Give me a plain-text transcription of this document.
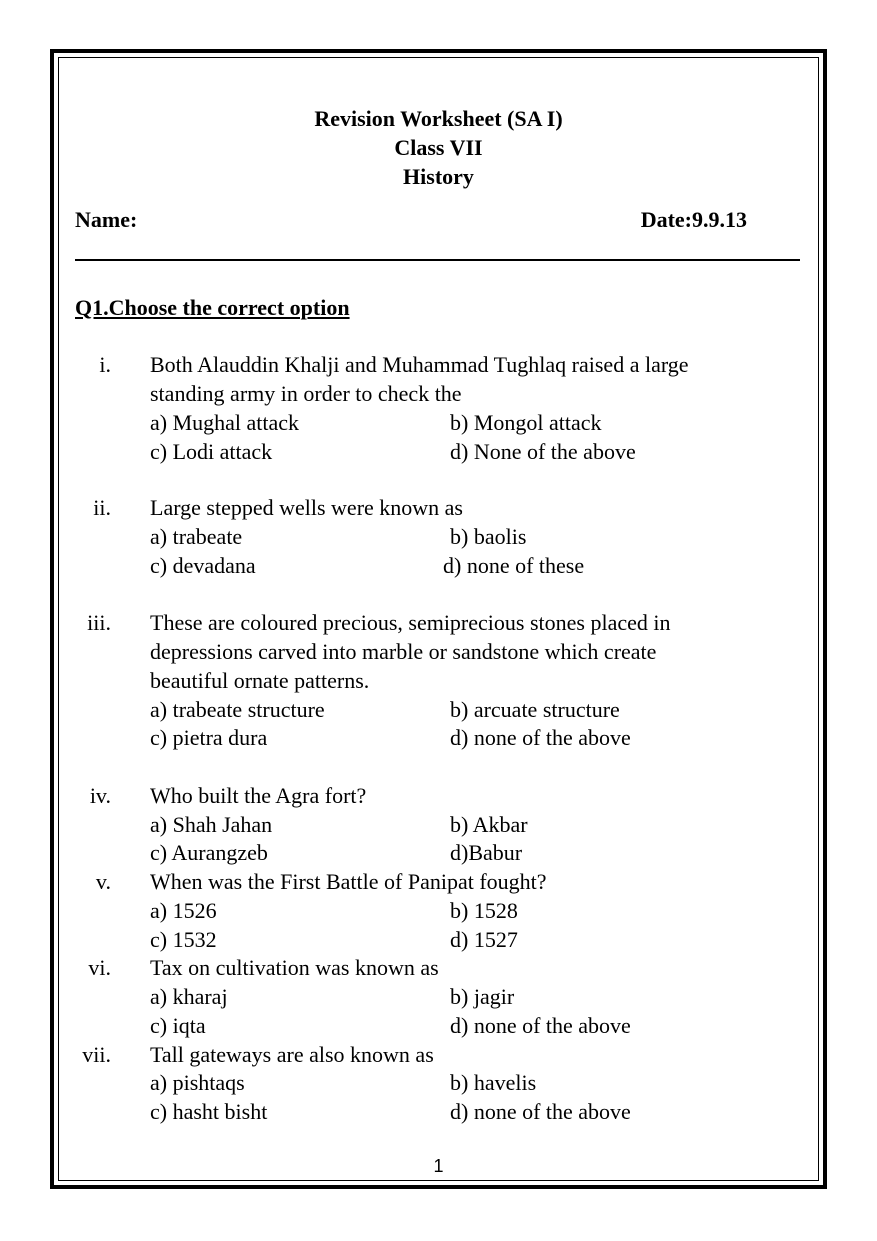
Revision Worksheet (SA I)
Class VII
History
Name:	Date:9.9.13
Q1.Choose the correct option
i. Both Alauddin Khalji and Muhammad Tughlaq raised a large
standing army in order to check the
a) Mughal attack	b) Mongol attack
c) Lodi attack	d) None of the above
ii. Large stepped wells were known as
a) trabeate	b) baolis
c) devadana	d) none of these
iii. These are coloured precious, semiprecious stones placed in
depressions carved into marble or sandstone which create
beautiful ornate patterns.
a) trabeate structure	b) arcuate structure
c) pietra dura	d) none of the above
iv. Who built the Agra fort?
a) Shah Jahan	b) Akbar
c) Aurangzeb	d)Babur
v. When was the First Battle of Panipat fought?
a) 1526	b) 1528
c) 1532	d) 1527
vi. Tax on cultivation was known as
a) kharaj	b) jagir
c) iqta	d) none of the above
vii. Tall gateways are also known as
a) pishtaqs	b) havelis
c) hasht bisht	d) none of the above
1
